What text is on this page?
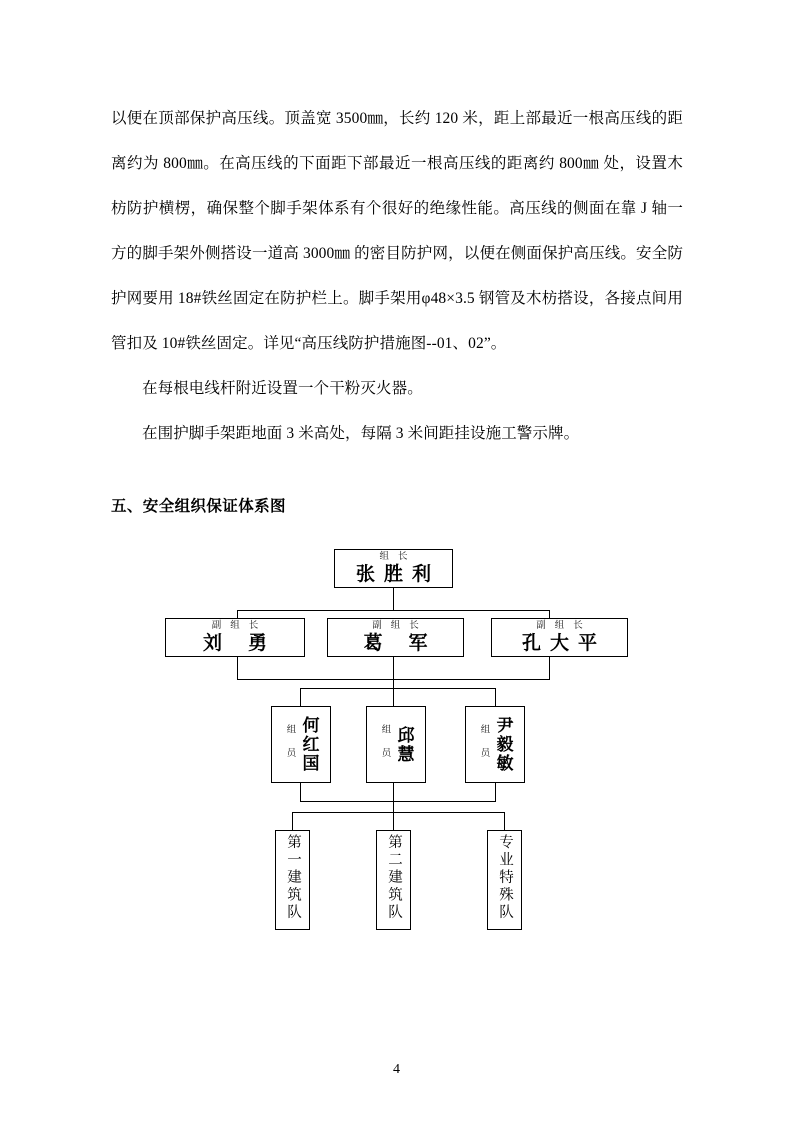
以便在顶部保护高压线。顶盖宽 3500㎜，长约 120 米，距上部最近一根高压线的距离约为 800㎜。在高压线的下面距下部最近一根高压线的距离约 800㎜ 处，设置木枋防护横楞，确保整个脚手架体系有个很好的绝缘性能。高压线的侧面在靠 J 轴一方的脚手架外侧搭设一道高 3000㎜ 的密目防护网，以便在侧面保护高压线。安全防护网要用 18#铁丝固定在防护栏上。脚手架用φ48×3.5 钢管及木枋搭设，各接点间用管扣及 10#铁丝固定。详见“高压线防护措施图--01、02”。

在每根电线杆附近设置一个干粉灭火器。

在围护脚手架距地面 3 米高处，每隔 3 米间距挂设施工警示牌。

五、安全组织保证体系图
组长
张胜利
副组长
刘勇
副组长
葛军
副组长
孔大平
组员 何红国	组员 邱慧	组员 尹毅敏
第一建筑队	第二建筑队	专业特殊队
4
